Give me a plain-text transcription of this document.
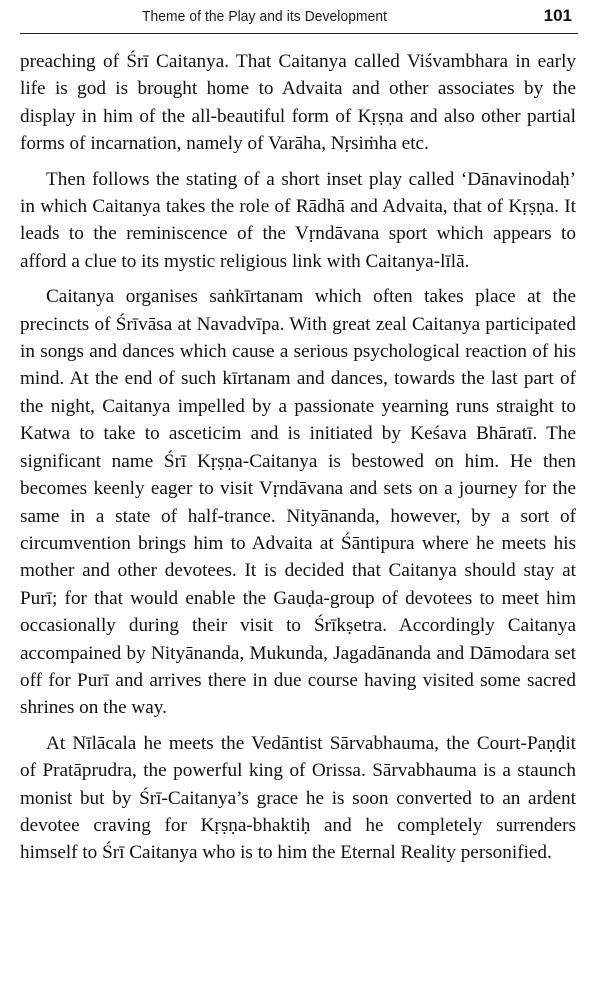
Theme of the Play and its Development	101

preaching of Śrī Caitanya. That Caitanya called Viśvambhara in early life is god is brought home to Advaita and other associates by the display in him of the all-beautiful form of Kṛṣṇa and also other partial forms of incarnation, namely of Varāha, Nṛsiṁha etc.

Then follows the stating of a short inset play called ‘Dānavinodaḥ’ in which Caitanya takes the role of Rādhā and Advaita, that of Kṛṣṇa. It leads to the reminiscence of the Vṛndāvana sport which appears to afford a clue to its mystic religious link with Caitanya-līlā.

Caitanya organises saṅkīrtanam which often takes place at the precincts of Śrīvāsa at Navadvīpa. With great zeal Caitanya participated in songs and dances which cause a serious psychological reaction of his mind. At the end of such kīrtanam and dances, towards the last part of the night, Caitanya impelled by a passionate yearning runs straight to Katwa to take to asceticim and is initiated by Keśava Bhāratī. The significant name Śrī Kṛṣṇa-Caitanya is bestowed on him. He then becomes keenly eager to visit Vṛndāvana and sets on a journey for the same in a state of half-trance. Nityānanda, however, by a sort of circumvention brings him to Advaita at Śāntipura where he meets his mother and other devotees. It is decided that Caitanya should stay at Purī; for that would enable the Gauḍa-group of devotees to meet him occasionally during their visit to Śrīkṣetra. Accordingly Caitanya accompained by Nityānanda, Mukunda, Jagadānanda and Dāmodara set off for Purī and arrives there in due course having visited some sacred shrines on the way.

At Nīlācala he meets the Vedāntist Sārvabhauma, the Court-Paṇḍit of Pratāprudra, the powerful king of Orissa. Sārvabhauma is a staunch monist but by Śrī-Caitanya’s grace he is soon converted to an ardent devotee craving for Kṛṣṇa-bhaktiḥ and he completely surrenders himself to Śrī Caitanya who is to him the Eternal Reality personified.
